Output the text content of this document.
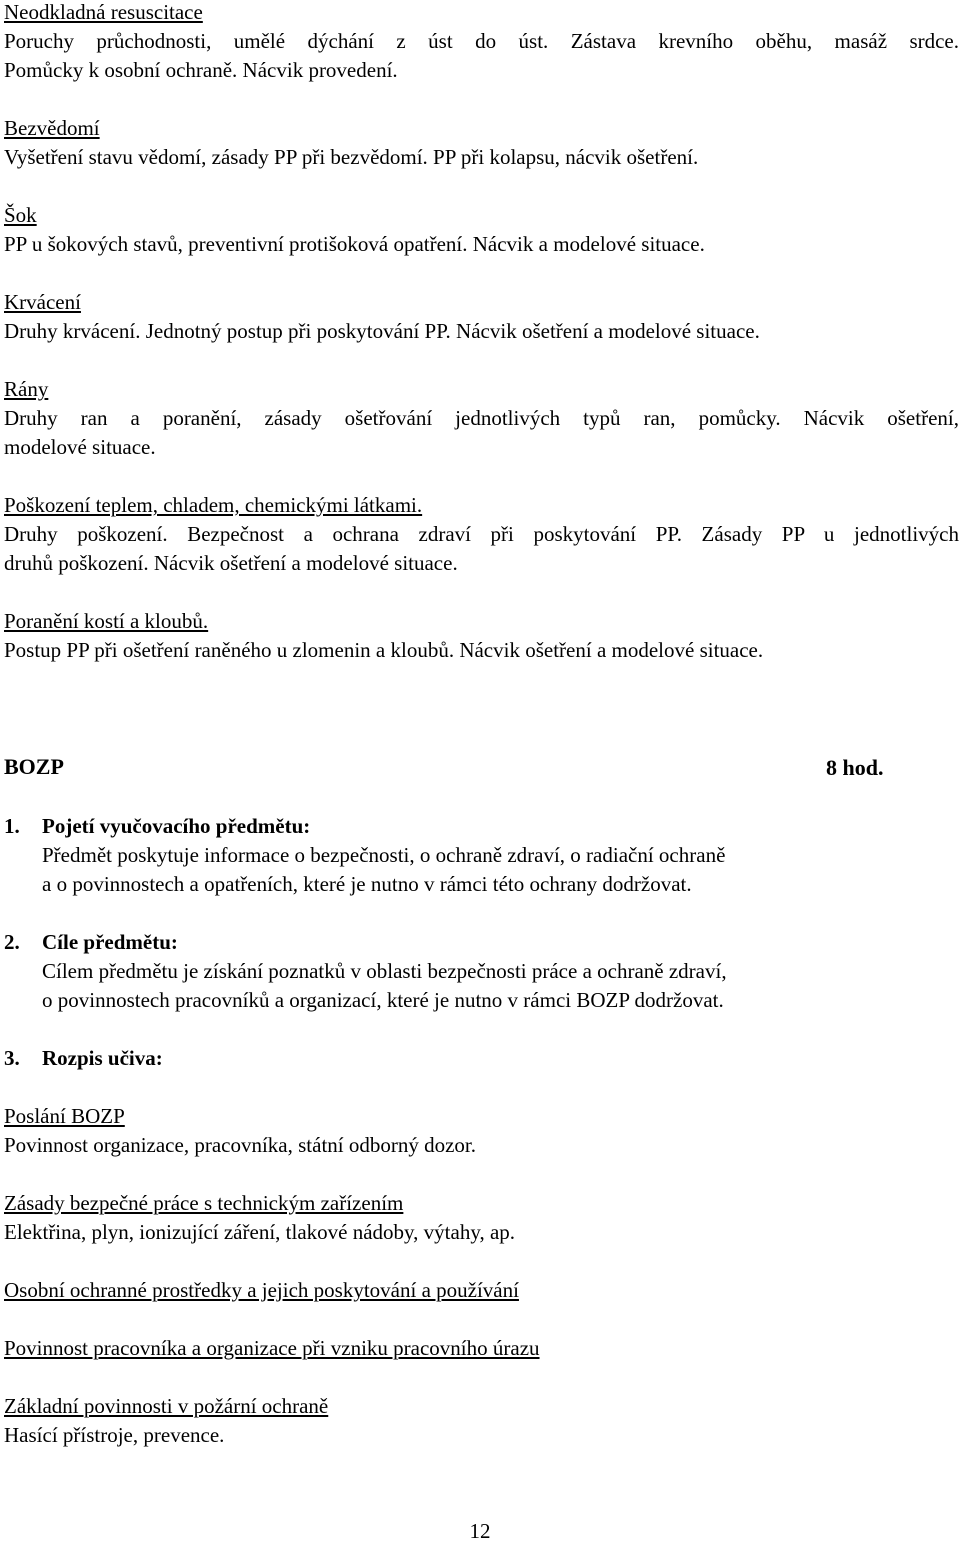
Neodkladná resuscitace
Poruchy průchodnosti, umělé dýchání z úst do úst. Zástava krevního oběhu, masáž srdce.
Pomůcky k osobní ochraně. Nácvik provedení.
Bezvědomí
Vyšetření stavu vědomí, zásady PP při bezvědomí. PP při kolapsu, nácvik ošetření.
Šok
PP u šokových stavů, preventivní protišoková opatření. Nácvik a modelové situace.
Krvácení
Druhy krvácení. Jednotný postup při poskytování PP. Nácvik ošetření a modelové situace.
Rány
Druhy ran a poranění, zásady ošetřování jednotlivých typů ran, pomůcky. Nácvik ošetření,
modelové situace.
Poškození teplem, chladem, chemickými látkami.
Druhy poškození. Bezpečnost a ochrana zdraví při poskytování PP. Zásady PP u jednotlivých
druhů poškození. Nácvik ošetření a modelové situace.
Poranění kostí a kloubů.
Postup PP při ošetření raněného u zlomenin a kloubů. Nácvik ošetření a modelové situace.
BOZP	8 hod.
1. Pojetí vyučovacího předmětu:
Předmět poskytuje informace o bezpečnosti, o ochraně zdraví, o radiační ochraně
a o povinnostech a opatřeních, které je nutno v rámci této ochrany dodržovat.
2. Cíle předmětu:
Cílem předmětu je získání poznatků v oblasti bezpečnosti práce a ochraně zdraví,
o povinnostech pracovníků a organizací, které je nutno v rámci BOZP dodržovat.
3. Rozpis učiva:
Poslání BOZP
Povinnost organizace, pracovníka, státní odborný dozor.
Zásady bezpečné práce s technickým zařízením
Elektřina, plyn, ionizující záření, tlakové nádoby, výtahy, ap.
Osobní ochranné prostředky a jejich poskytování a používání
Povinnost pracovníka a organizace při vzniku pracovního úrazu
Základní povinnosti v požární ochraně
Hasící přístroje, prevence.
12
